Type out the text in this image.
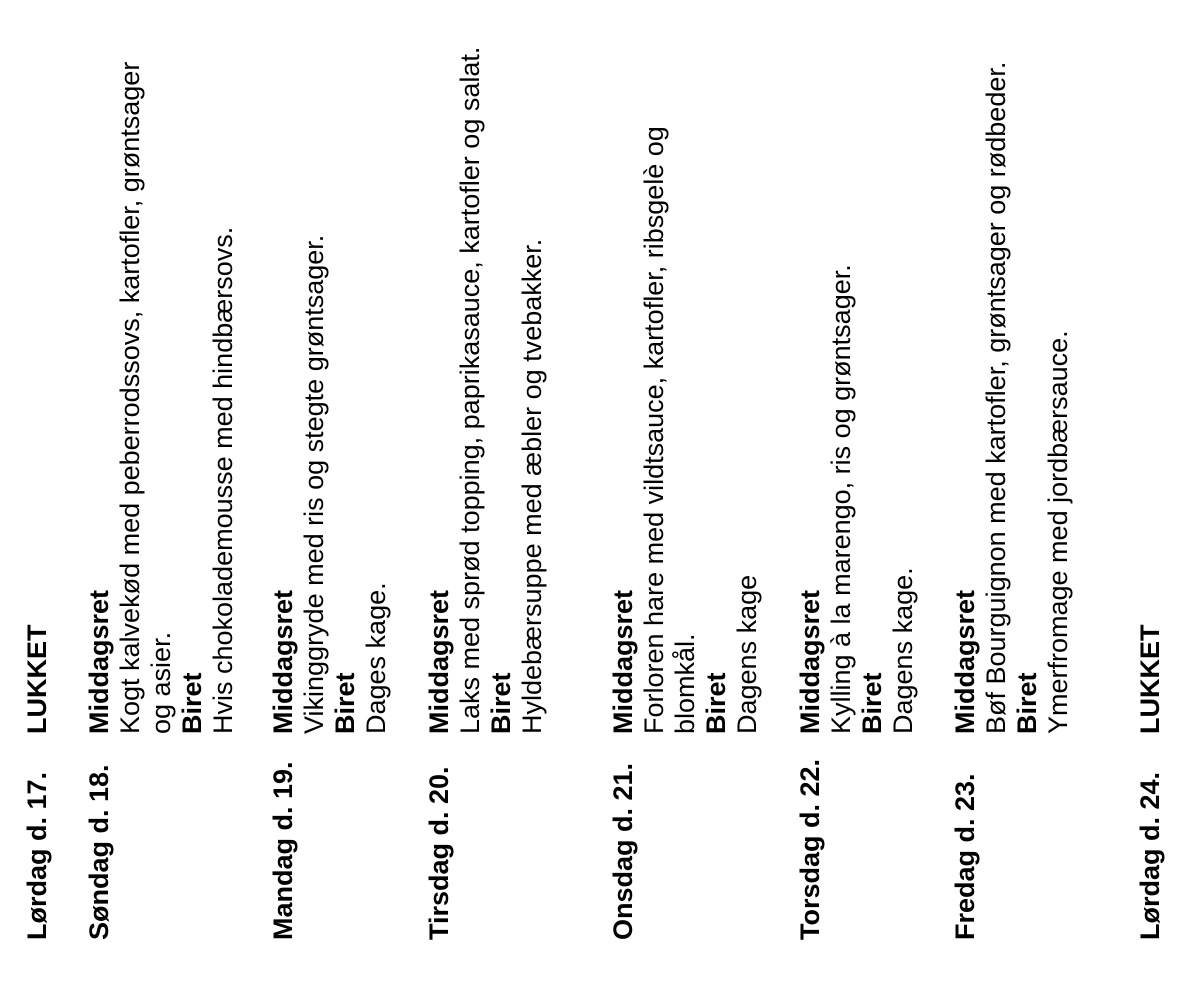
Lørdag d. 17.
LUKKET
Søndag d. 18.
Middagsret Kogt kalvekød med peberrodssovs, kartofler, grøntsager og asier. Biret Hvis chokolademousse med hindbærsovs.
Mandag d. 19.
Middagsret Vikinggryde med ris og stegte grøntsager. Biret Dages kage.
Tirsdag d. 20.
Middagsret Laks med sprød topping, paprikasauce, kartofler og salat. Biret Hyldebærsuppe med æbler og tvebakker.
Onsdag d. 21.
Middagsret Forloren hare med vildtsauce, kartofler, ribsgelè og blomkål. Biret Dagens kage
Torsdag d. 22.
Middagsret Kylling à la marengo, ris og grøntsager. Biret Dagens kage.
Fredag d. 23.
Middagsret Bøf Bourguignon med kartofler, grøntsager og rødbeder. Biret Ymerfromage med jordbærsauce.
Lørdag d. 24.
LUKKET
